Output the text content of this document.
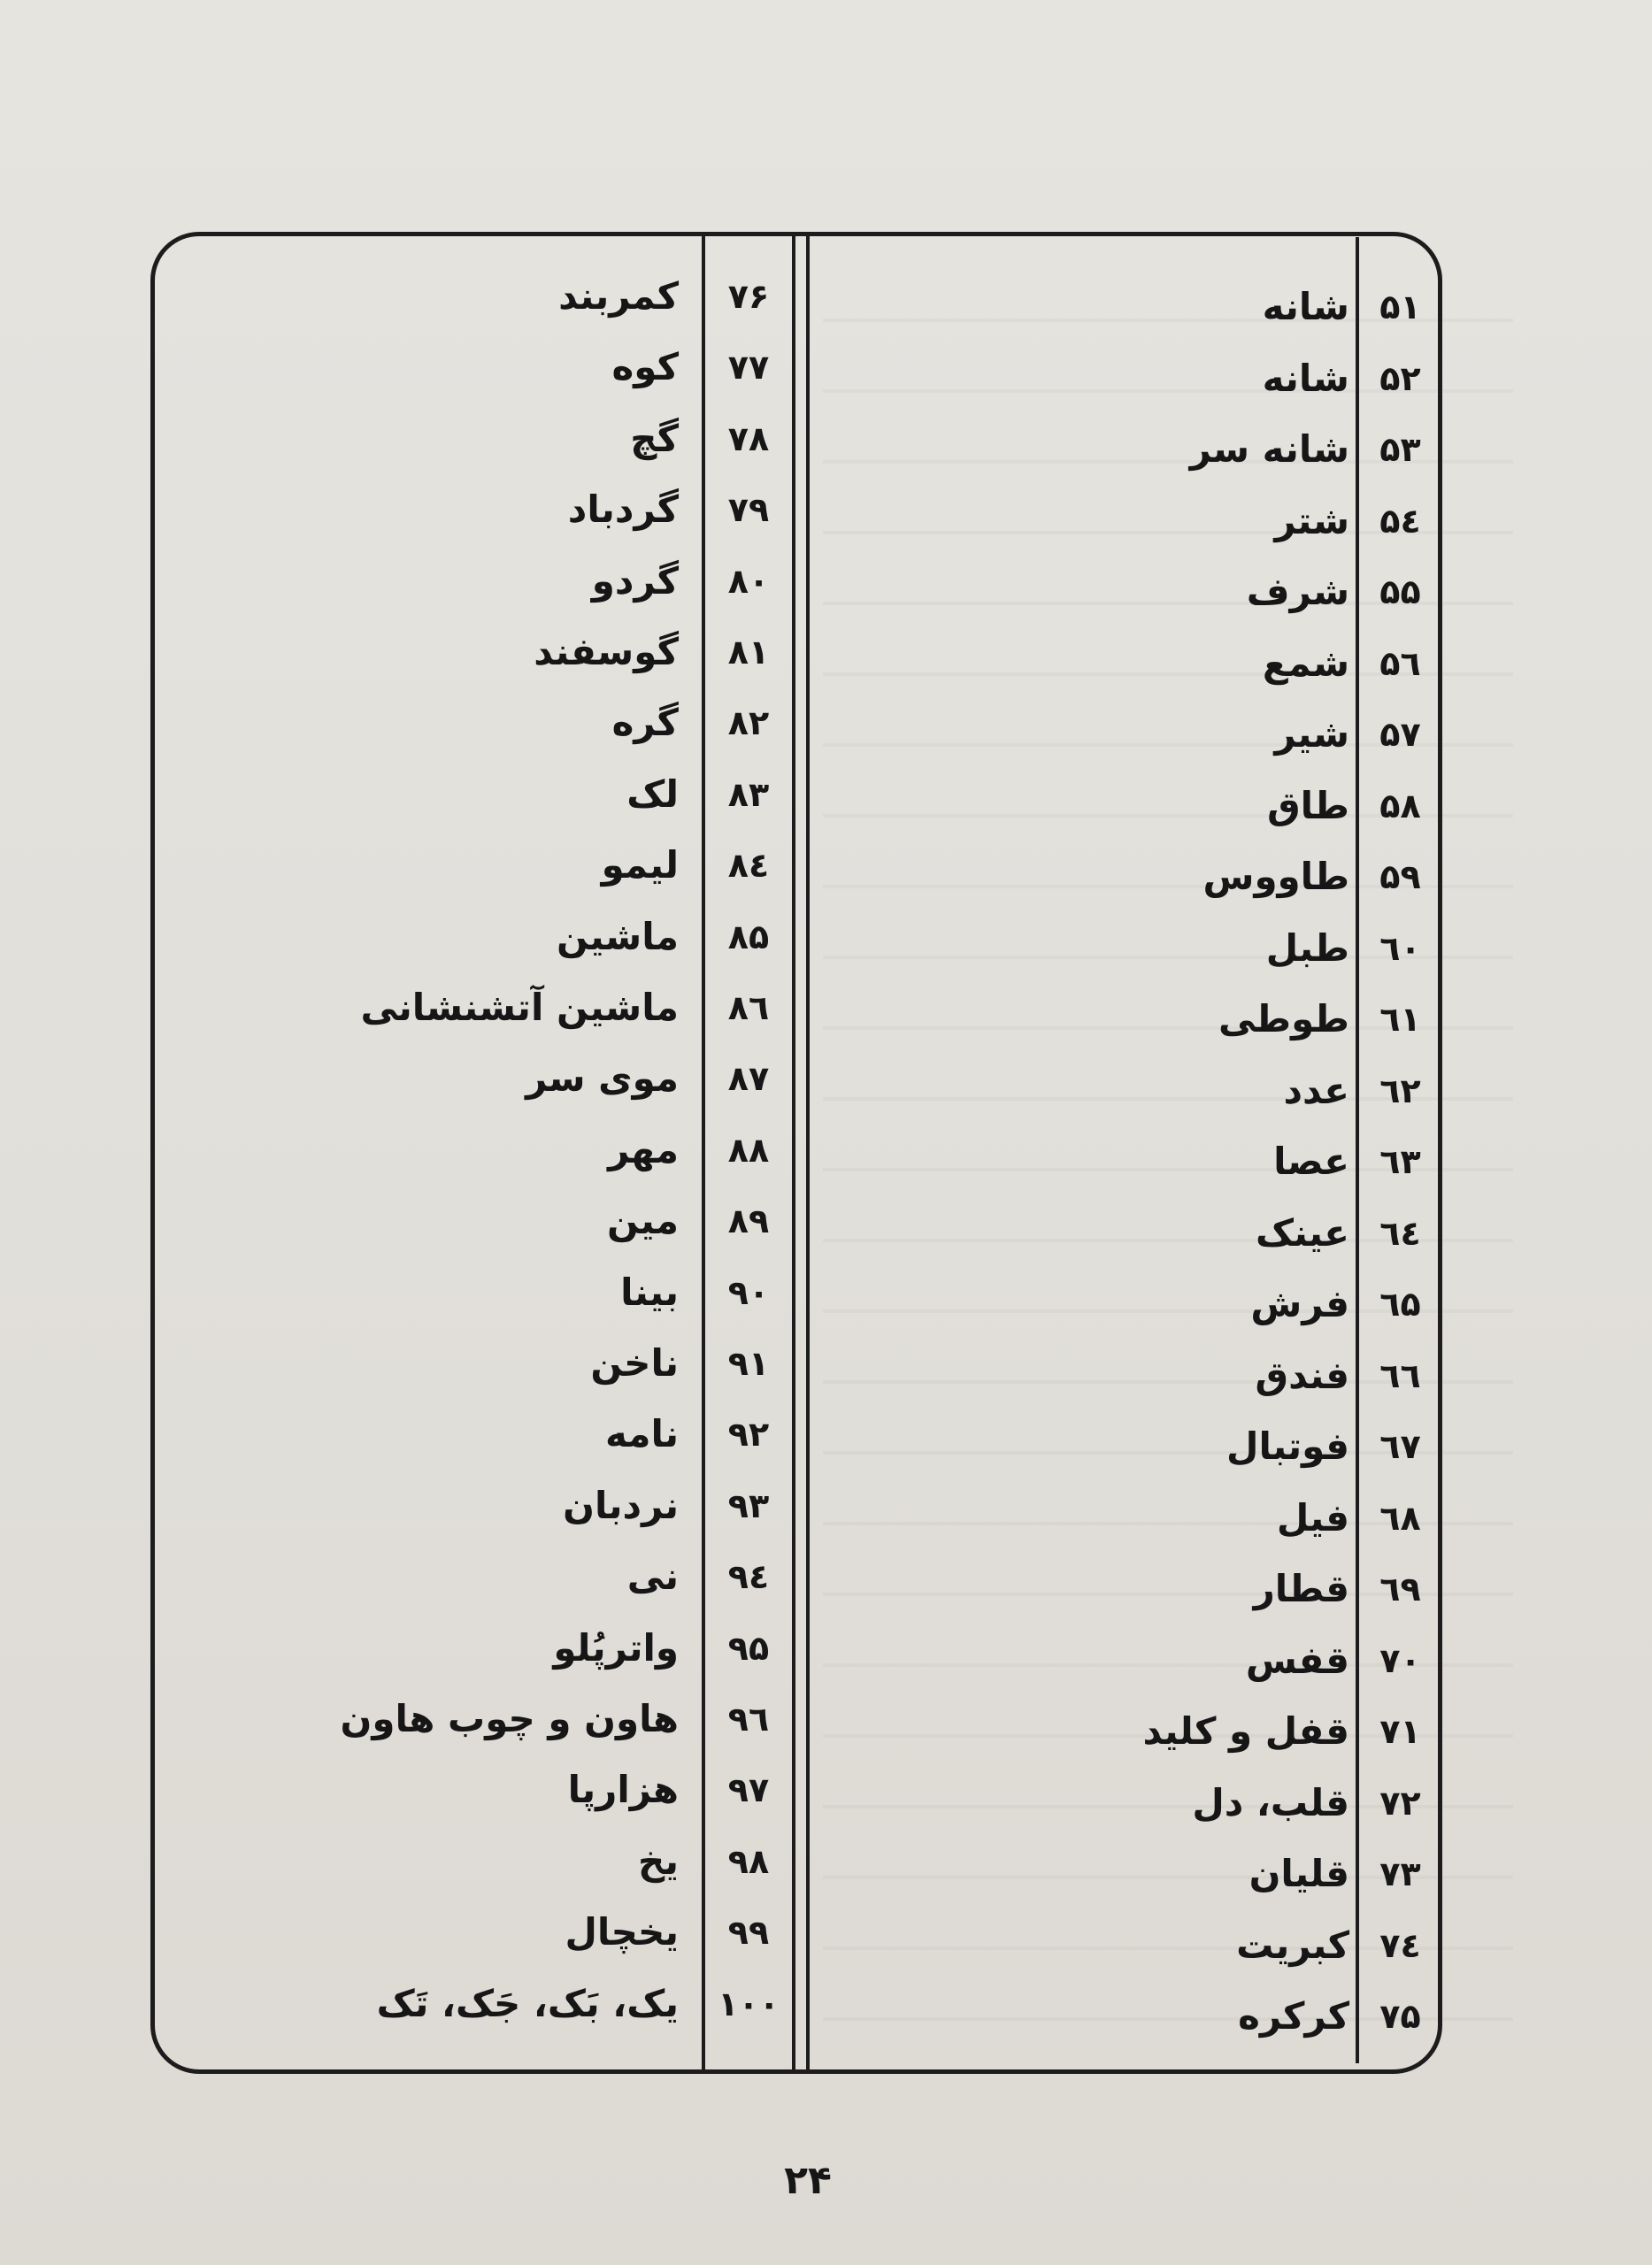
۷۶
کمربند
۷۷
کوه
۷۸
گچ
۷۹
گردباد
۸۰
گردو
۸۱
گوسفند
۸۲
گره
۸۳
لک
۸٤
لیمو
۸۵
ماشین
۸٦
ماشین آتشنشانی
۸۷
موی سر
۸۸
مهر
۸۹
مین
۹۰
بینا
۹۱
ناخن
۹۲
نامه
۹۳
نردبان
۹٤
نی
۹۵
واترپُلو
۹٦
هاون و چوب هاون
۹۷
هزارپا
۹۸
یخ
۹۹
یخچال
۱۰۰
یک، بَک، جَک، تَک
۵۱
شانه
۵۲
شانه
۵۳
شانه سر
۵٤
شتر
۵۵
شرف
۵٦
شمع
۵۷
شیر
۵۸
طاق
۵۹
طاووس
٦۰
طبل
٦۱
طوطی
٦۲
عدد
٦۳
عصا
٦٤
عینک
٦۵
فرش
٦٦
فندق
٦۷
فوتبال
٦۸
فیل
٦۹
قطار
۷۰
قفس
۷۱
قفل و کلید
۷۲
قلب، دل
۷۳
قلیان
۷٤
کبریت
۷۵
کرکره
۲۴
